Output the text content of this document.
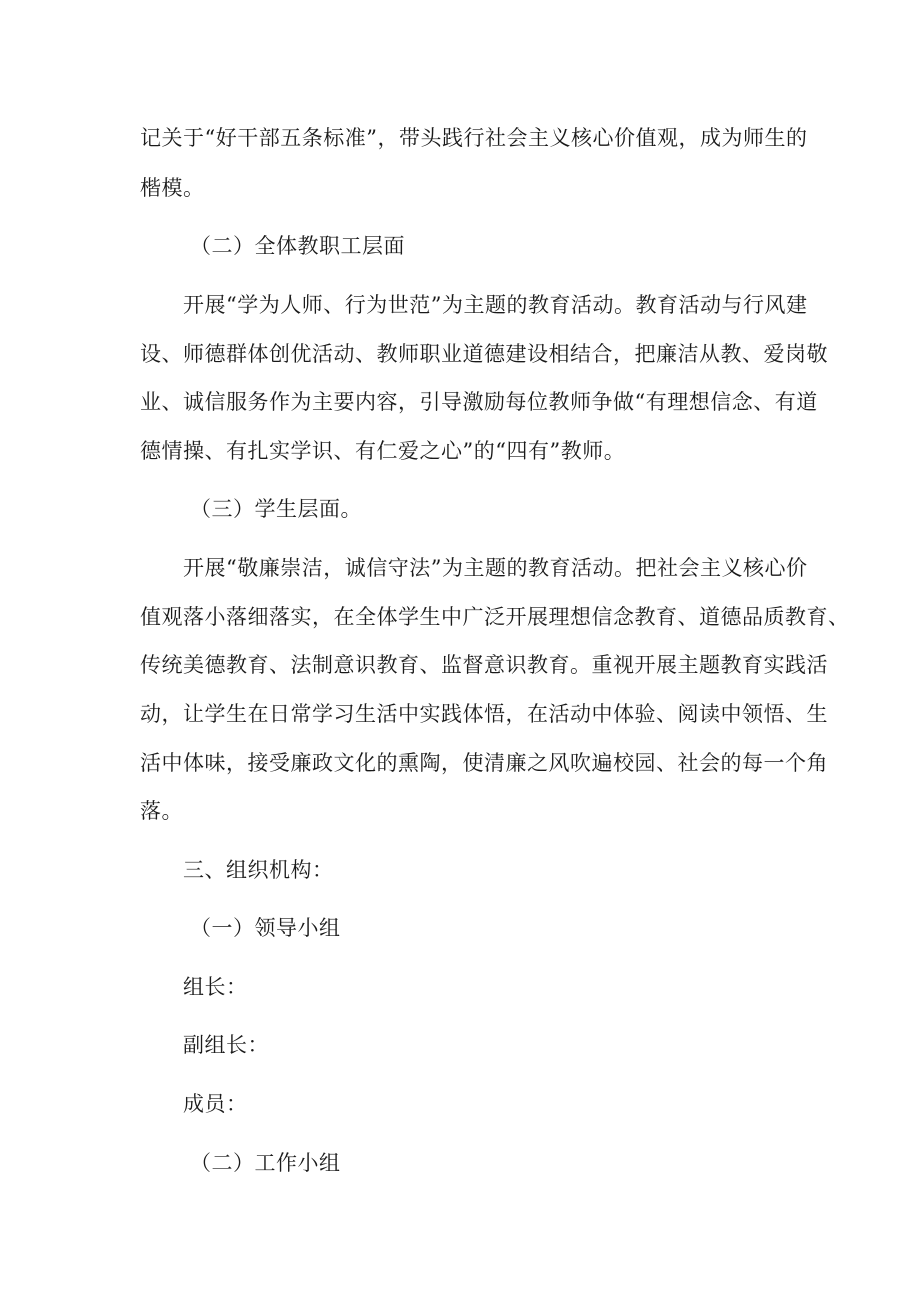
记关于“好干部五条标准”，带头践行社会主义核心价值观，成为师生的
楷模。
（二）全体教职工层面
开展“学为人师、行为世范”为主题的教育活动。教育活动与行风建
设、师德群体创优活动、教师职业道德建设相结合，把廉洁从教、爱岗敬
业、诚信服务作为主要内容，引导激励每位教师争做“有理想信念、有道
德情操、有扎实学识、有仁爱之心”的“四有”教师。
（三）学生层面。
开展“敬廉崇洁，诚信守法”为主题的教育活动。把社会主义核心价
值观落小落细落实，在全体学生中广泛开展理想信念教育、道德品质教育、
传统美德教育、法制意识教育、监督意识教育。重视开展主题教育实践活
动，让学生在日常学习生活中实践体悟，在活动中体验、阅读中领悟、生
活中体味，接受廉政文化的熏陶，使清廉之风吹遍校园、社会的每一个角
落。
三、组织机构：
（一）领导小组
组长：
副组长：
成员：
（二）工作小组
